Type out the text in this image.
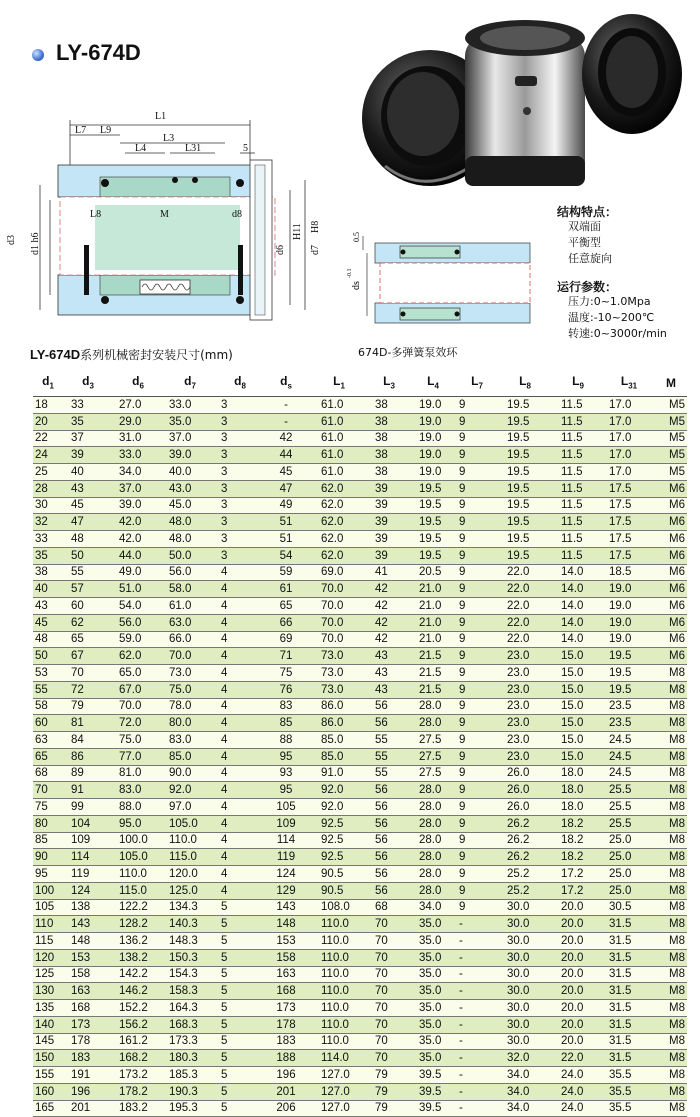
LY-674D
结构特点：
双端面
平衡型
任意旋向
运行参数：
压力:0~1.0Mpa
温度:-10~200℃
转速:0~3000r/min
L1
L7 L9
L3
L4	L31	5
L8	M	d8
d3 d1 h6	d6
H11
d7
H8
0.5
ds
-0.1
674D-多弹簧泵效环
LY-674D系列机械密封安装尺寸(mm)
$d_1$	$d_3$	$d_6$	$d_7$	$d_8$	$d_s$	$L_1$	$L_3$	$L_4$	$L_7$	$L_8$	$L_9$	$L_{31}$	M
18	33	27.0	33.0	3	-	61.0	38	19.0	9	19.5	11.5	17.0	M5
20	35	29.0	35.0	3	-	61.0	38	19.0	9	19.5	11.5	17.0	M5
22	37	31.0	37.0	3	42	61.0	38	19.0	9	19.5	11.5	17.0	M5
24	39	33.0	39.0	3	44	61.0	38	19.0	9	19.5	11.5	17.0	M5
25	40	34.0	40.0	3	45	61.0	38	19.0	9	19.5	11.5	17.0	M5
28	43	37.0	43.0	3	47	62.0	39	19.5	9	19.5	11.5	17.5	M6
30	45	39.0	45.0	3	49	62.0	39	19.5	9	19.5	11.5	17.5	M6
32	47	42.0	48.0	3	51	62.0	39	19.5	9	19.5	11.5	17.5	M6
33	48	42.0	48.0	3	51	62.0	39	19.5	9	19.5	11.5	17.5	M6
35	50	44.0	50.0	3	54	62.0	39	19.5	9	19.5	11.5	17.5	M6
38	55	49.0	56.0	4	59	69.0	41	20.5	9	22.0	14.0	18.5	M6
40	57	51.0	58.0	4	61	70.0	42	21.0	9	22.0	14.0	19.0	M6
43	60	54.0	61.0	4	65	70.0	42	21.0	9	22.0	14.0	19.0	M6
45	62	56.0	63.0	4	66	70.0	42	21.0	9	22.0	14.0	19.0	M6
48	65	59.0	66.0	4	69	70.0	42	21.0	9	22.0	14.0	19.0	M6
50	67	62.0	70.0	4	71	73.0	43	21.5	9	23.0	15.0	19.5	M6
53	70	65.0	73.0	4	75	73.0	43	21.5	9	23.0	15.0	19.5	M8
55	72	67.0	75.0	4	76	73.0	43	21.5	9	23.0	15.0	19.5	M8
58	79	70.0	78.0	4	83	86.0	56	28.0	9	23.0	15.0	23.5	M8
60	81	72.0	80.0	4	85	86.0	56	28.0	9	23.0	15.0	23.5	M8
63	84	75.0	83.0	4	88	85.0	55	27.5	9	23.0	15.0	24.5	M8
65	86	77.0	85.0	4	95	85.0	55	27.5	9	23.0	15.0	24.5	M8
68	89	81.0	90.0	4	93	91.0	55	27.5	9	26.0	18.0	24.5	M8
70	91	83.0	92.0	4	95	92.0	56	28.0	9	26.0	18.0	25.5	M8
75	99	88.0	97.0	4	105	92.0	56	28.0	9	26.0	18.0	25.5	M8
80	104	95.0	105.0	4	109	92.5	56	28.0	9	26.2	18.2	25.5	M8
85	109	100.0	110.0	4	114	92.5	56	28.0	9	26.2	18.2	25.0	M8
90	114	105.0	115.0	4	119	92.5	56	28.0	9	26.2	18.2	25.0	M8
95	119	110.0	120.0	4	124	90.5	56	28.0	9	25.2	17.2	25.0	M8
100	124	115.0	125.0	4	129	90.5	56	28.0	9	25.2	17.2	25.0	M8
105	138	122.2	134.3	5	143	108.0	68	34.0	9	30.0	20.0	30.5	M8
110	143	128.2	140.3	5	148	110.0	70	35.0	-	30.0	20.0	31.5	M8
115	148	136.2	148.3	5	153	110.0	70	35.0	-	30.0	20.0	31.5	M8
120	153	138.2	150.3	5	158	110.0	70	35.0	-	30.0	20.0	31.5	M8
125	158	142.2	154.3	5	163	110.0	70	35.0	-	30.0	20.0	31.5	M8
130	163	146.2	158.3	5	168	110.0	70	35.0	-	30.0	20.0	31.5	M8
135	168	152.2	164.3	5	173	110.0	70	35.0	-	30.0	20.0	31.5	M8
140	173	156.2	168.3	5	178	110.0	70	35.0	-	30.0	20.0	31.5	M8
145	178	161.2	173.3	5	183	110.0	70	35.0	-	30.0	20.0	31.5	M8
150	183	168.2	180.3	5	188	114.0	70	35.0	-	32.0	22.0	31.5	M8
155	191	173.2	185.3	5	196	127.0	79	39.5	-	34.0	24.0	35.5	M8
160	196	178.2	190.3	5	201	127.0	79	39.5	-	34.0	24.0	35.5	M8
165	201	183.2	195.3	5	206	127.0	79	39.5	-	34.0	24.0	35.5	M8
